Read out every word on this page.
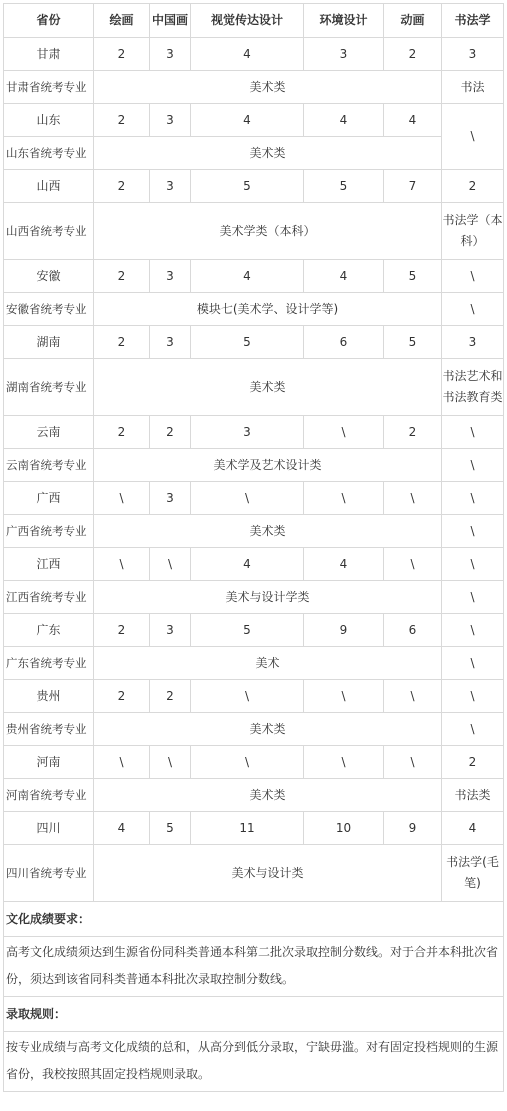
省份	绘画	中国画	视觉传达设计	环境设计	动画	书法学
甘肃	2	3	4	3	2	3
甘肃省统考专业	美术类					书法
山东	2	3	4	4	4	\
山东省统考专业	美术类					
山西	2	3	5	5	7	2
山西省统考专业	美术学类（本科）					书法学（本科）
安徽	2	3	4	4	5	\
安徽省统考专业	模块七(美术学、设计学等)					\
湖南	2	3	5	6	5	3
湖南省统考专业	美术类					书法艺术和书法教育类
云南	2	2	3	\	2	\
云南省统考专业	美术学及艺术设计类					\
广西	\	3	\	\	\	\
广西省统考专业	美术类					\
江西	\	\	4	4	\	\
江西省统考专业	美术与设计学类					\
广东	2	3	5	9	6	\
广东省统考专业	美术					\
贵州	2	2	\	\	\	\
贵州省统考专业	美术类					\
河南	\	\	\	\	\	2
河南省统考专业	美术类					书法类
四川	4	5	11	10	9	4
四川省统考专业	美术与设计类					书法学(毛笔)
文化成绩要求：						
高考文化成绩须达到生源省份同科类普通本科第二批次录取控制分数线。对于合并本科批次省份，须达到该省同科类普通本科批次录取控制分数线。						
录取规则：						
按专业成绩与高考文化成绩的总和，从高分到低分录取，宁缺毋滥。对有固定投档规则的生源省份，我校按照其固定投档规则录取。						
